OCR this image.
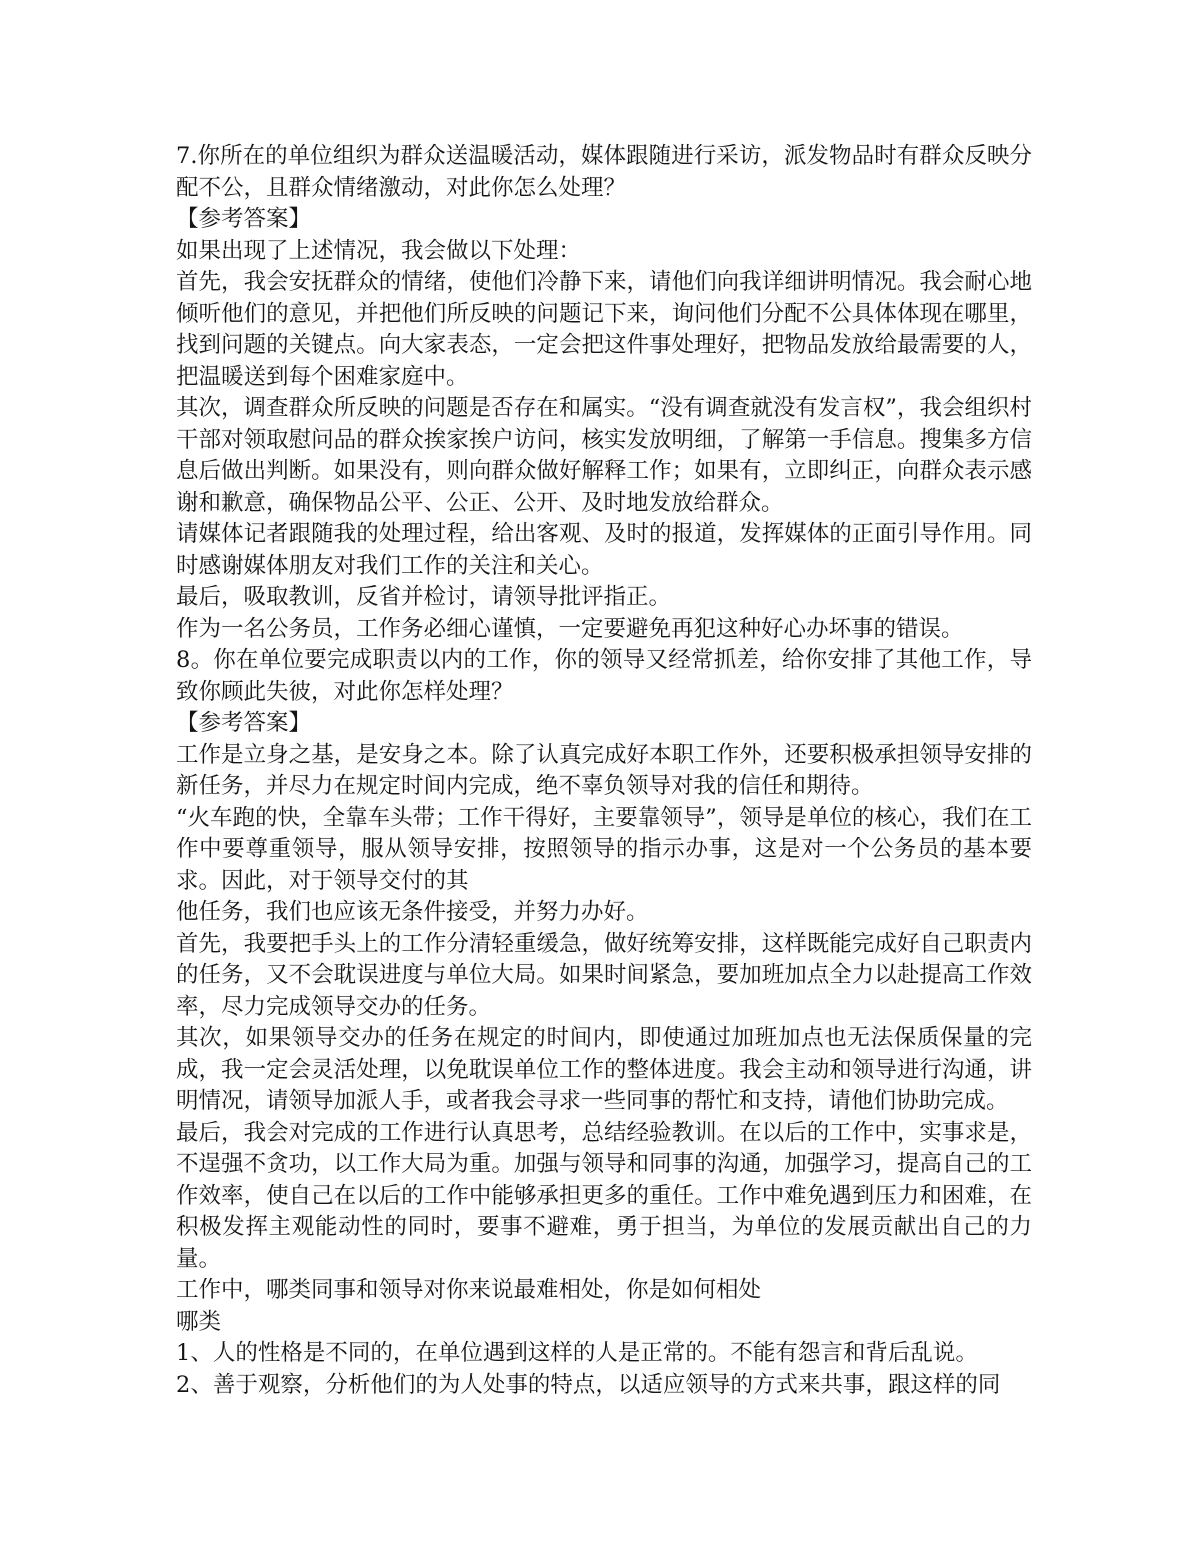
7.你所在的单位组织为群众送温暖活动，媒体跟随进行采访，派发物品时有群众反映分配不公，且群众情绪激动，对此你怎么处理？

【参考答案】

如果出现了上述情况，我会做以下处理：

首先，我会安抚群众的情绪，使他们冷静下来，请他们向我详细讲明情况。我会耐心地倾听他们的意见，并把他们所反映的问题记下来，询问他们分配不公具体体现在哪里，找到问题的关键点。向大家表态，一定会把这件事处理好，把物品发放给最需要的人，把温暖送到每个困难家庭中。

其次，调查群众所反映的问题是否存在和属实。“没有调查就没有发言权”，我会组织村干部对领取慰问品的群众挨家挨户访问，核实发放明细，了解第一手信息。搜集多方信息后做出判断。如果没有，则向群众做好解释工作；如果有，立即纠正，向群众表示感谢和歉意，确保物品公平、公正、公开、及时地发放给群众。

请媒体记者跟随我的处理过程，给出客观、及时的报道，发挥媒体的正面引导作用。同时感谢媒体朋友对我们工作的关注和关心。

最后，吸取教训，反省并检讨，请领导批评指正。

作为一名公务员，工作务必细心谨慎，一定要避免再犯这种好心办坏事的错误。

8。你在单位要完成职责以内的工作，你的领导又经常抓差，给你安排了其他工作，导致你顾此失彼，对此你怎样处理？

【参考答案】

工作是立身之基，是安身之本。除了认真完成好本职工作外，还要积极承担领导安排的新任务，并尽力在规定时间内完成，绝不辜负领导对我的信任和期待。

“火车跑的快，全靠车头带；工作干得好，主要靠领导”，领导是单位的核心，我们在工作中要尊重领导，服从领导安排，按照领导的指示办事，这是对一个公务员的基本要求。因此，对于领导交付的其

他任务，我们也应该无条件接受，并努力办好。

首先，我要把手头上的工作分清轻重缓急，做好统筹安排，这样既能完成好自己职责内的任务，又不会耽误进度与单位大局。如果时间紧急，要加班加点全力以赴提高工作效率，尽力完成领导交办的任务。

其次，如果领导交办的任务在规定的时间内，即使通过加班加点也无法保质保量的完成，我一定会灵活处理，以免耽误单位工作的整体进度。我会主动和领导进行沟通，讲明情况，请领导加派人手，或者我会寻求一些同事的帮忙和支持，请他们协助完成。

最后，我会对完成的工作进行认真思考，总结经验教训。在以后的工作中，实事求是，不逞强不贪功，以工作大局为重。加强与领导和同事的沟通，加强学习，提高自己的工作效率，使自己在以后的工作中能够承担更多的重任。工作中难免遇到压力和困难，在积极发挥主观能动性的同时，要事不避难，勇于担当，为单位的发展贡献出自己的力量。

工作中，哪类同事和领导对你来说最难相处，你是如何相处

哪类

1、人的性格是不同的，在单位遇到这样的人是正常的。不能有怨言和背后乱说。

2、善于观察，分析他们的为人处事的特点，以适应领导的方式来共事，跟这样的同
